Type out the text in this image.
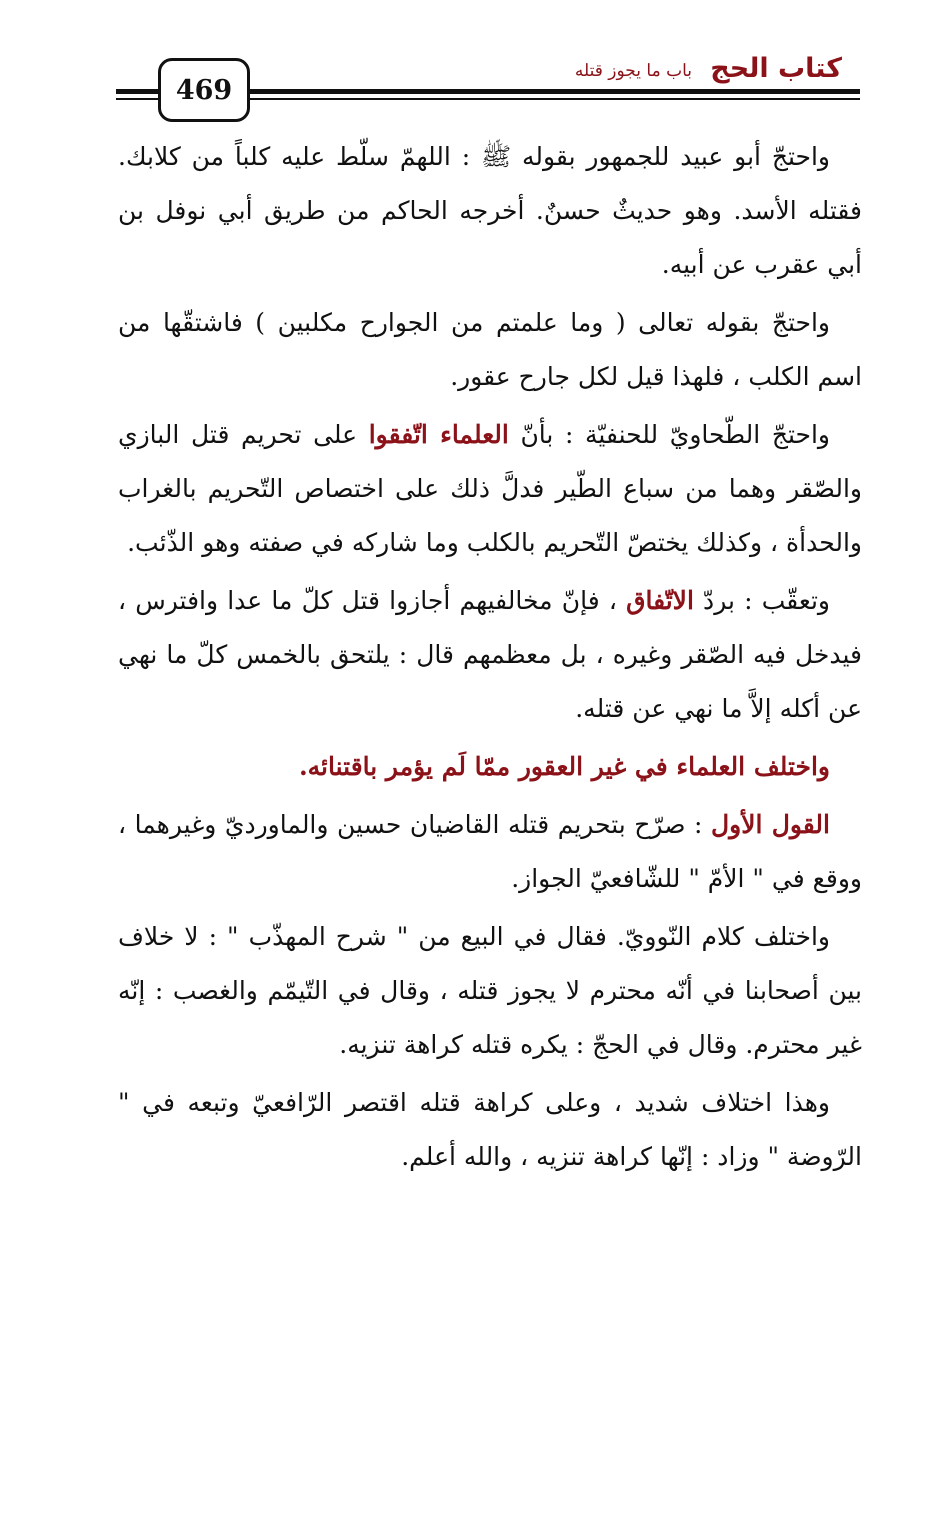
كتاب الحج
باب ما يجوز قتله
469

واحتجّ أبو عبيد للجمهور بقوله ﷺ : اللهمّ سلّط عليه كلباً من كلابك. فقتله الأسد. وهو حديثٌ حسنٌ. أخرجه الحاكم من طريق أبي نوفل بن أبي عقرب عن أبيه.

واحتجّ بقوله تعالى ( وما علمتم من الجوارح مكلبين ) فاشتقّها من اسم الكلب ، فلهذا قيل لكل جارح عقور.

واحتجّ الطّحاويّ للحنفيّة : بأنّ العلماء اتّفقوا على تحريم قتل البازي والصّقر وهما من سباع الطّير فدلَّ ذلك على اختصاص التّحريم بالغراب والحدأة ، وكذلك يختصّ التّحريم بالكلب وما شاركه في صفته وهو الذّئب.

وتعقّب : بردّ الاتّفاق ، فإنّ مخالفيهم أجازوا قتل كلّ ما عدا وافترس ، فيدخل فيه الصّقر وغيره ، بل معظمهم قال : يلتحق بالخمس كلّ ما نهي عن أكله إلاَّ ما نهي عن قتله.

واختلف العلماء في غير العقور ممّا لَم يؤمر باقتنائه.

القول الأول : صرّح بتحريم قتله القاضيان حسين والماورديّ وغيرهما ، ووقع في " الأمّ " للشّافعيّ الجواز.

واختلف كلام النّوويّ. فقال في البيع من " شرح المهذّب " : لا خلاف بين أصحابنا في أنّه محترم لا يجوز قتله ، وقال في التّيمّم والغصب : إنّه غير محترم. وقال في الحجّ : يكره قتله كراهة تنزيه.

وهذا اختلاف شديد ، وعلى كراهة قتله اقتصر الرّافعيّ وتبعه في " الرّوضة " وزاد : إنّها كراهة تنزيه ، والله أعلم.
